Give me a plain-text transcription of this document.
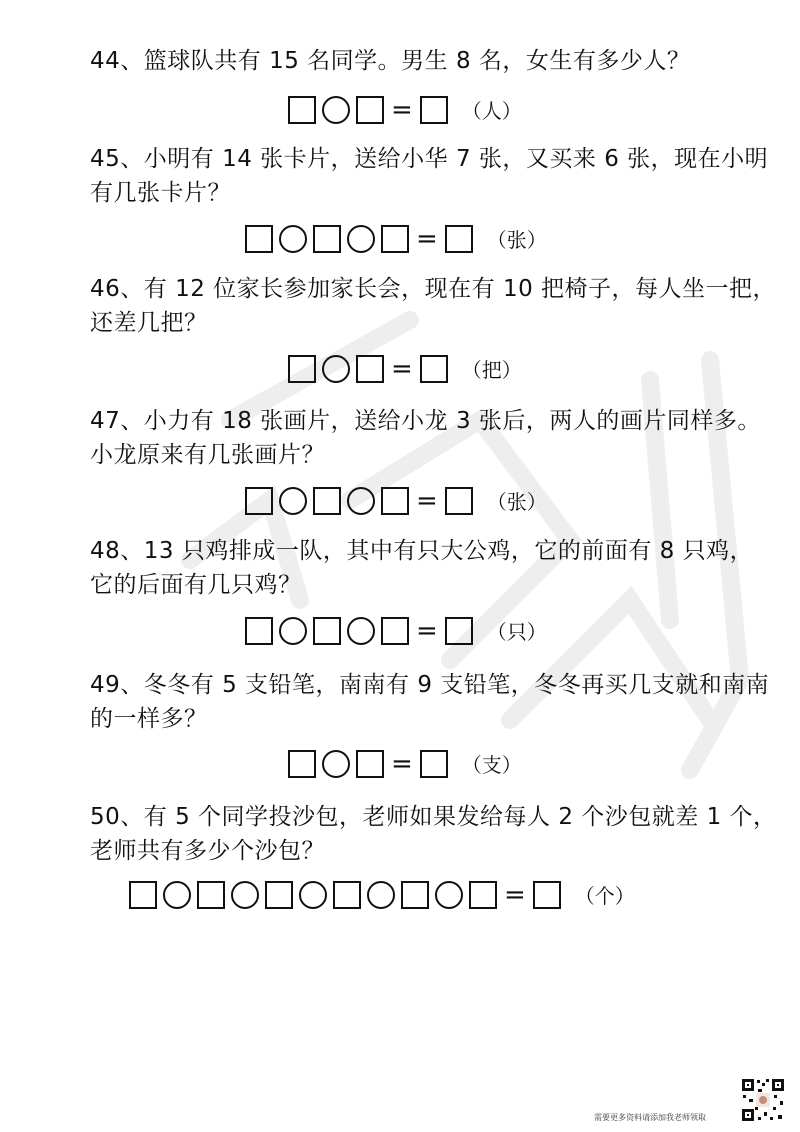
44、篮球队共有 15 名同学。男生 8 名，女生有多少人？
= （人）
45、小明有 14 张卡片，送给小华 7 张，又买来 6 张，现在小明
有几张卡片？
= （张）
46、有 12 位家长参加家长会，现在有 10 把椅子，每人坐一把，
还差几把？
= （把）
47、小力有 18 张画片，送给小龙 3 张后，两人的画片同样多。
小龙原来有几张画片？
= （张）
48、13 只鸡排成一队，其中有只大公鸡，它的前面有 8 只鸡，
它的后面有几只鸡？
= （只）
49、冬冬有 5 支铅笔，南南有 9 支铅笔，冬冬再买几支就和南南
的一样多？
= （支）
50、有 5 个同学投沙包，老师如果发给每人 2 个沙包就差 1 个，
老师共有多少个沙包？
= （个）
需要更多资料请添加我老师领取
